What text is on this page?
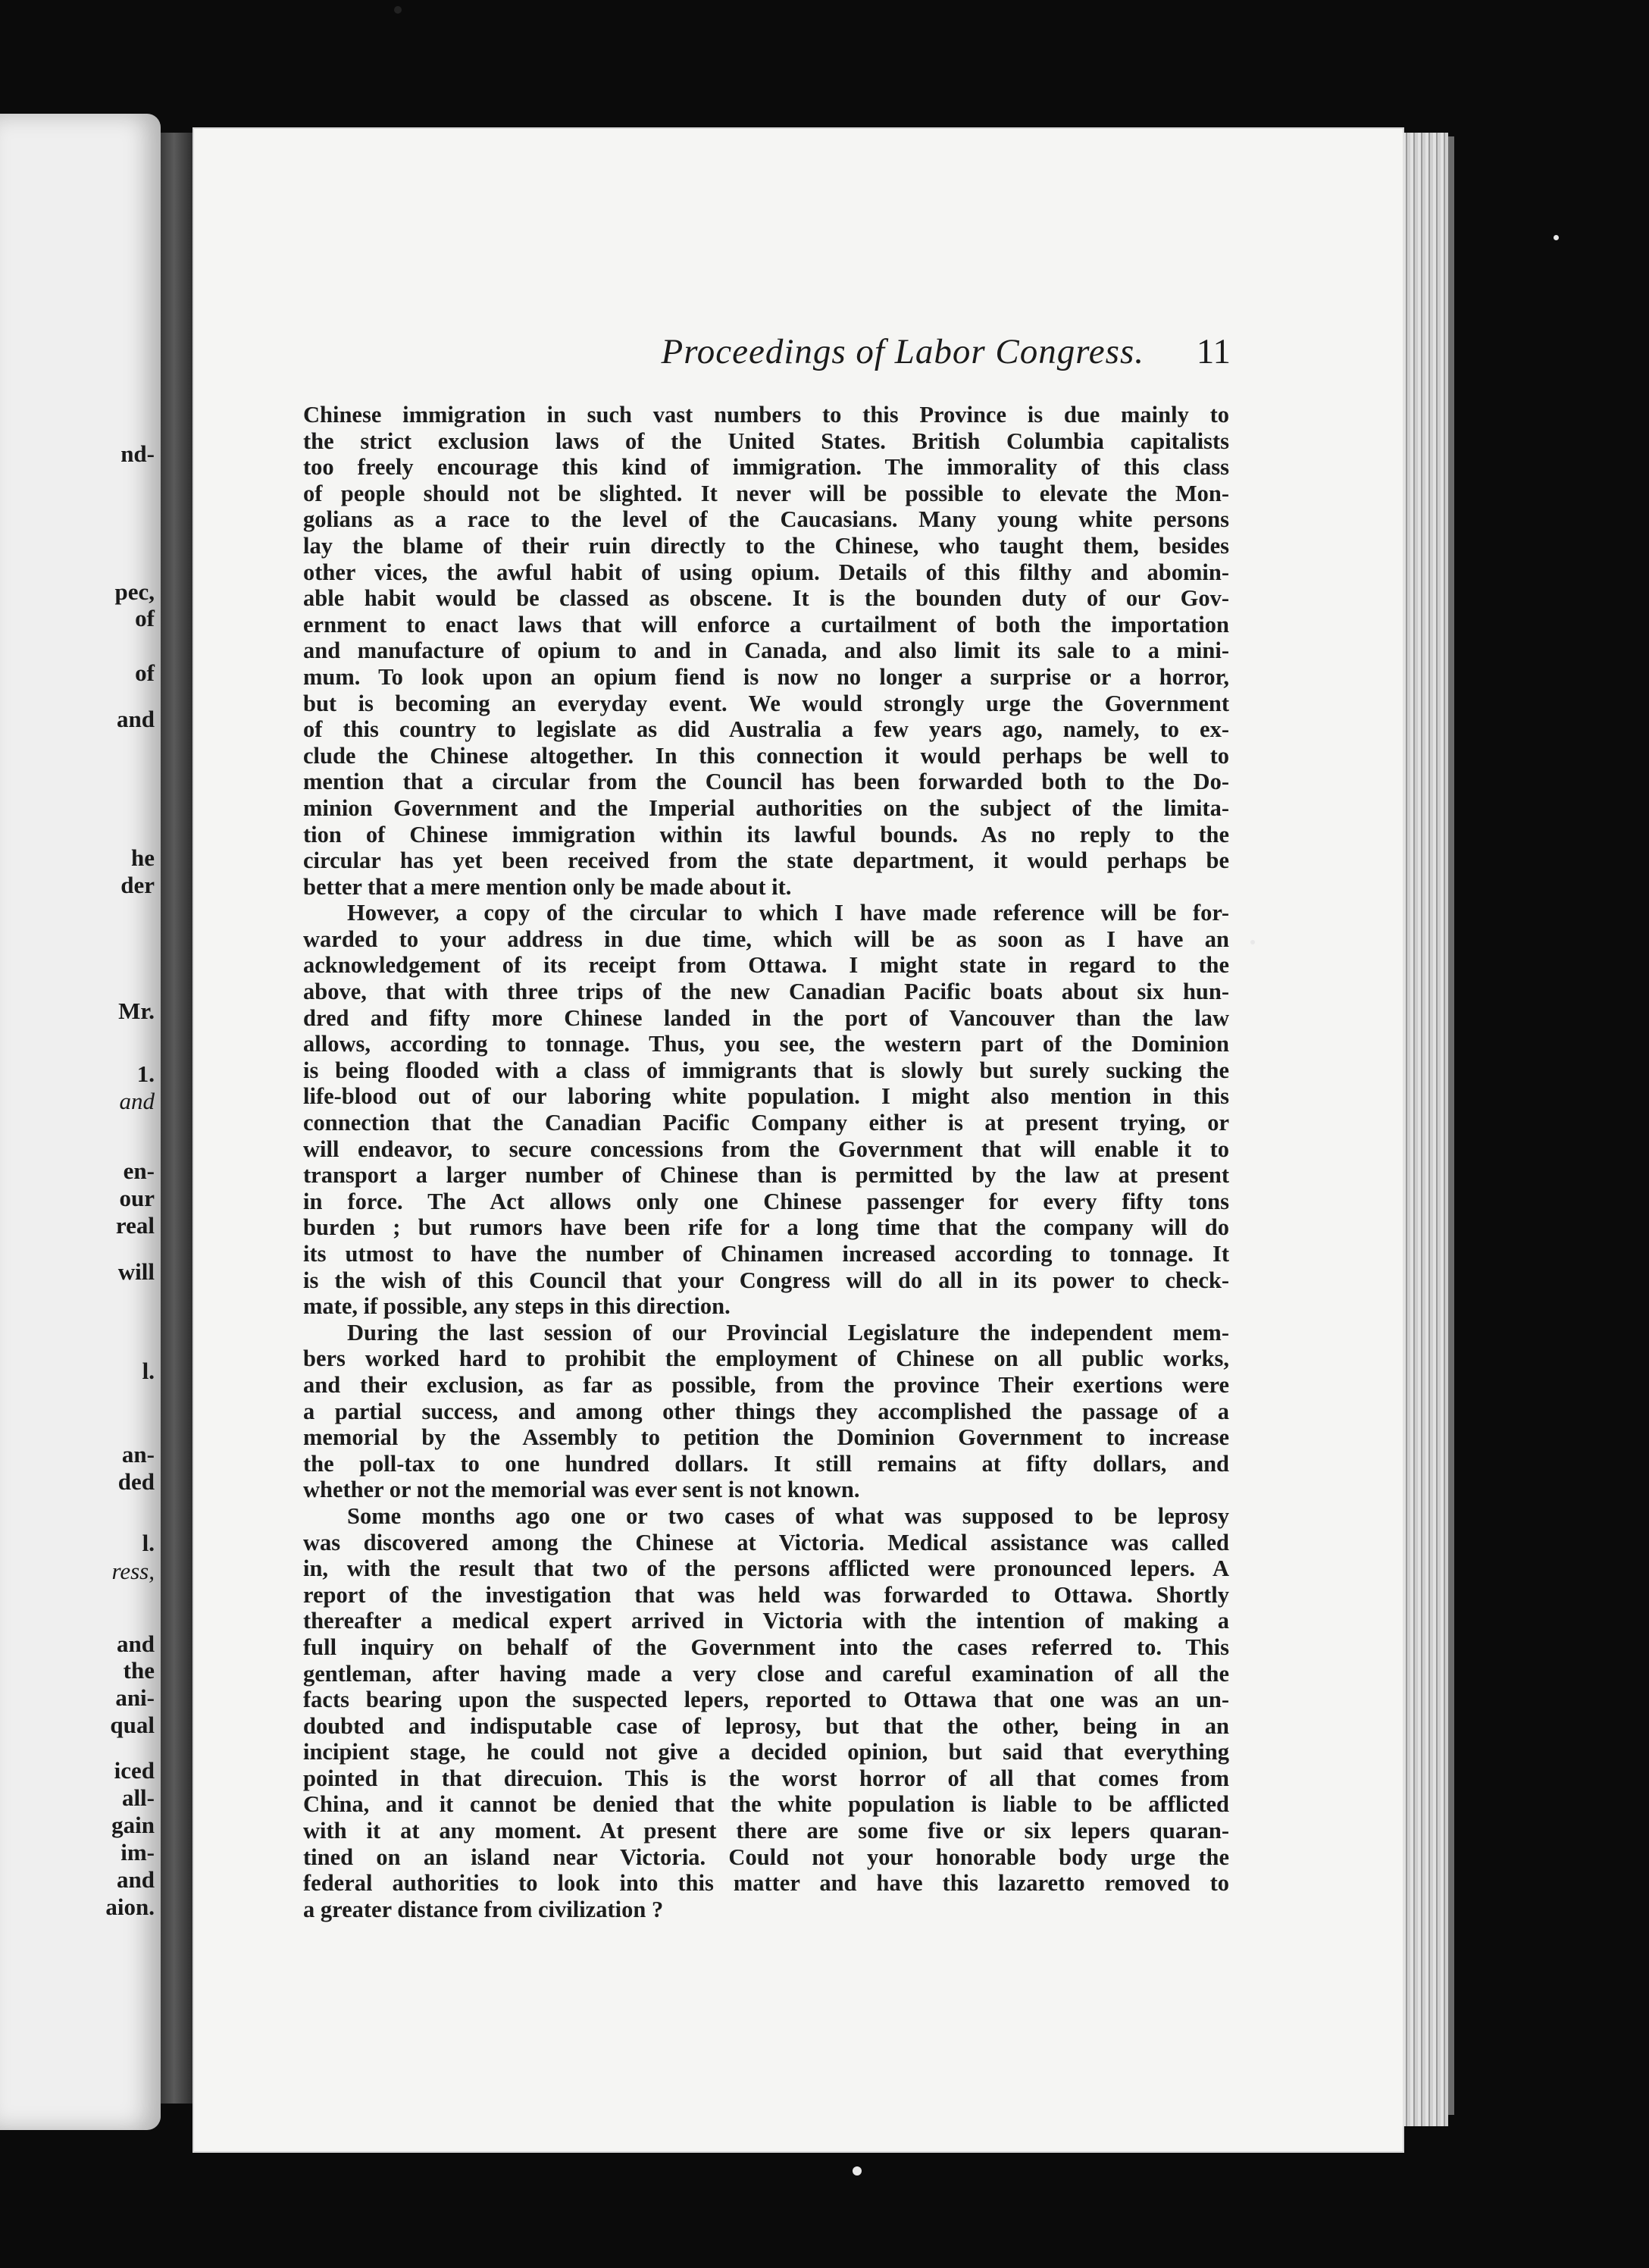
nd-
pec,
of
of
and
he
der
Mr.
1.
and
en-
our
real
will
l.
an-
ded
l.
ress,
and
the
ani-
qual
iced
all-
gain
im-
and
aion.
Proceedings of Labor Congress.	11
Chinese immigration in such vast numbers to this Province is due mainly to
the strict exclusion laws of the United States. British Columbia capitalists
too freely encourage this kind of immigration. The immorality of this class
of people should not be slighted. It never will be possible to elevate the Mon-
golians as a race to the level of the Caucasians. Many young white persons
lay the blame of their ruin directly to the Chinese, who taught them, besides
other vices, the awful habit of using opium. Details of this filthy and abomin-
able habit would be classed as obscene. It is the bounden duty of our Gov-
ernment to enact laws that will enforce a curtailment of both the importation
and manufacture of opium to and in Canada, and also limit its sale to a mini-
mum. To look upon an opium fiend is now no longer a surprise or a horror,
but is becoming an everyday event. We would strongly urge the Government
of this country to legislate as did Australia a few years ago, namely, to ex-
clude the Chinese altogether. In this connection it would perhaps be well to
mention that a circular from the Council has been forwarded both to the Do-
minion Government and the Imperial authorities on the subject of the limita-
tion of Chinese immigration within its lawful bounds. As no reply to the
circular has yet been received from the state department, it would perhaps be
better that a mere mention only be made about it.
However, a copy of the circular to which I have made reference will be for-
warded to your address in due time, which will be as soon as I have an
acknowledgement of its receipt from Ottawa. I might state in regard to the
above, that with three trips of the new Canadian Pacific boats about six hun-
dred and fifty more Chinese landed in the port of Vancouver than the law
allows, according to tonnage. Thus, you see, the western part of the Dominion
is being flooded with a class of immigrants that is slowly but surely sucking the
life-blood out of our laboring white population. I might also mention in this
connection that the Canadian Pacific Company either is at present trying, or
will endeavor, to secure concessions from the Government that will enable it to
transport a larger number of Chinese than is permitted by the law at present
in force. The Act allows only one Chinese passenger for every fifty tons
burden ; but rumors have been rife for a long time that the company will do
its utmost to have the number of Chinamen increased according to tonnage. It
is the wish of this Council that your Congress will do all in its power to check-
mate, if possible, any steps in this direction.
During the last session of our Provincial Legislature the independent mem-
bers worked hard to prohibit the employment of Chinese on all public works,
and their exclusion, as far as possible, from the province Their exertions were
a partial success, and among other things they accomplished the passage of a
memorial by the Assembly to petition the Dominion Government to increase
the poll-tax to one hundred dollars. It still remains at fifty dollars, and
whether or not the memorial was ever sent is not known.
Some months ago one or two cases of what was supposed to be leprosy
was discovered among the Chinese at Victoria. Medical assistance was called
in, with the result that two of the persons afflicted were pronounced lepers. A
report of the investigation that was held was forwarded to Ottawa. Shortly
thereafter a medical expert arrived in Victoria with the intention of making a
full inquiry on behalf of the Government into the cases referred to. This
gentleman, after having made a very close and careful examination of all the
facts bearing upon the suspected lepers, reported to Ottawa that one was an un-
doubted and indisputable case of leprosy, but that the other, being in an
incipient stage, he could not give a decided opinion, but said that everything
pointed in that direcuion. This is the worst horror of all that comes from
China, and it cannot be denied that the white population is liable to be afflicted
with it at any moment. At present there are some five or six lepers quaran-
tined on an island near Victoria. Could not your honorable body urge the
federal authorities to look into this matter and have this lazaretto removed to
a greater distance from civilization ?
